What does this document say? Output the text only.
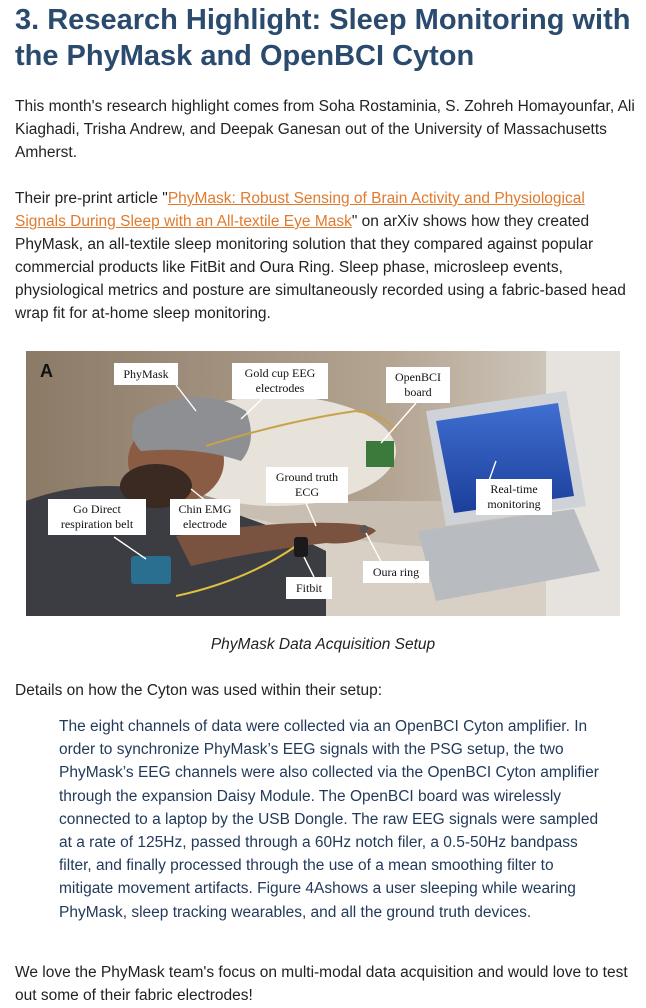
3. Research Highlight: Sleep Monitoring with the PhyMask and OpenBCI Cyton

This month's research highlight comes from Soha Rostaminia, S. Zohreh Homayounfar, Ali Kiaghadi, Trisha Andrew, and Deepak Ganesan out of the University of Massachusetts Amherst.

Their pre-print article "PhyMask: Robust Sensing of Brain Activity and Physiological Signals During Sleep with an All-textile Eye Mask" on arXiv shows how they created PhyMask, an all-textile sleep monitoring solution that they compared against popular commercial products like FitBit and Oura Ring. Sleep phase, microsleep events, physiological metrics and posture are simultaneously recorded using a fabric-based head wrap fit for at-home sleep monitoring.

A	PhyMask	Gold cup EEG
electrodes
OpenBCI
board
Ground truth
ECG	Real-time
monitoring
Go Direct
respiration belt
Chin EMG
electrode
Oura ring
Fitbit

PhyMask Data Acquisition Setup

Details on how the Cyton was used within their setup:

The eight channels of data were collected via an OpenBCI Cyton amplifier. In order to synchronize PhyMask’s EEG signals with the PSG setup, the two PhyMask’s EEG channels were also collected via the OpenBCI Cyton amplifier through the expansion Daisy Module. The OpenBCI board was wirelessly connected to a laptop by the USB Dongle. The raw EEG signals were sampled at a rate of 125Hz, passed through a 60Hz notch filer, a 0.5-50Hz bandpass filter, and finally processed through the use of a mean smoothing filter to mitigate movement artifacts. Figure 4Ashows a user sleeping while wearing PhyMask, sleep tracking wearables, and all the ground truth devices.

We love the PhyMask team's focus on multi-modal data acquisition and would love to test out some of their fabric electrodes!
